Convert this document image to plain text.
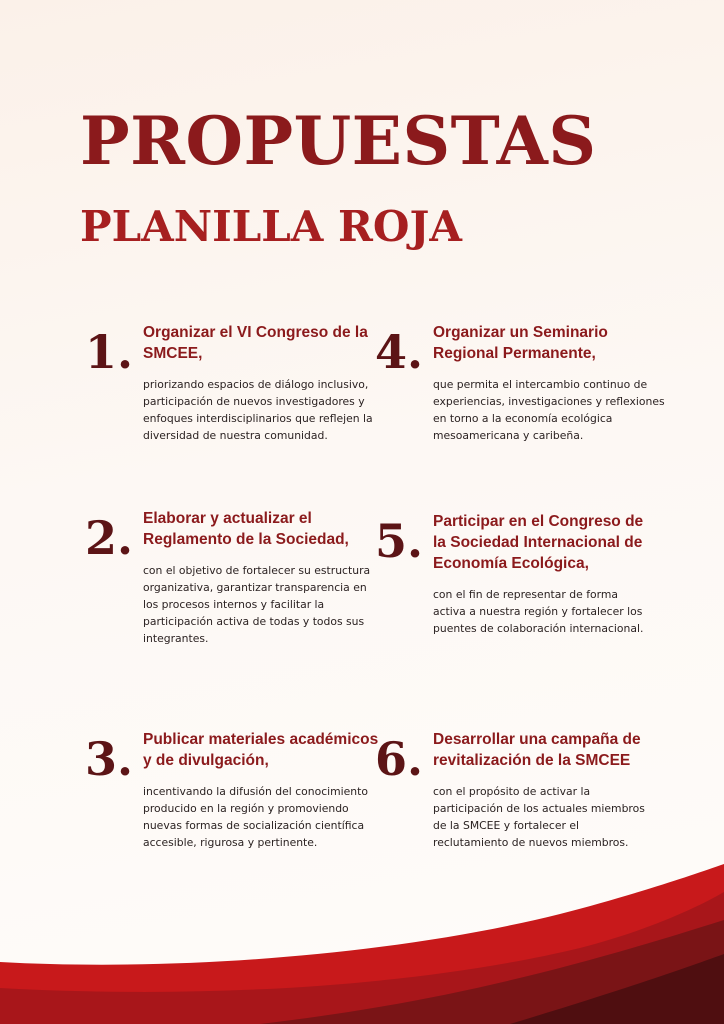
PROPUESTAS
PLANILLA ROJA
1. Organizar el VI Congreso de la SMCEE,

priorizando espacios de diálogo inclusivo, participación de nuevos investigadores y enfoques interdisciplinarios que reflejen la diversidad de nuestra comunidad.

2. Elaborar y actualizar el Reglamento de la Sociedad,

con el objetivo de fortalecer su estructura organizativa, garantizar transparencia en los procesos internos y facilitar la participación activa de todas y todos sus integrantes.

3. Publicar materiales académicos y de divulgación,

incentivando la difusión del conocimiento producido en la región y promoviendo nuevas formas de socialización científica accesible, rigurosa y pertinente.

4. Organizar un Seminario Regional Permanente,

que permita el intercambio continuo de experiencias, investigaciones y reflexiones en torno a la economía ecológica mesoamericana y caribeña.

5. Participar en el Congreso de la Sociedad Internacional de Economía Ecológica,

con el fin de representar de forma activa a nuestra región y fortalecer los puentes de colaboración internacional.

6. Desarrollar una campaña de revitalización de la SMCEE

con el propósito de activar la participación de los actuales miembros de la SMCEE y fortalecer el reclutamiento de nuevos miembros.
